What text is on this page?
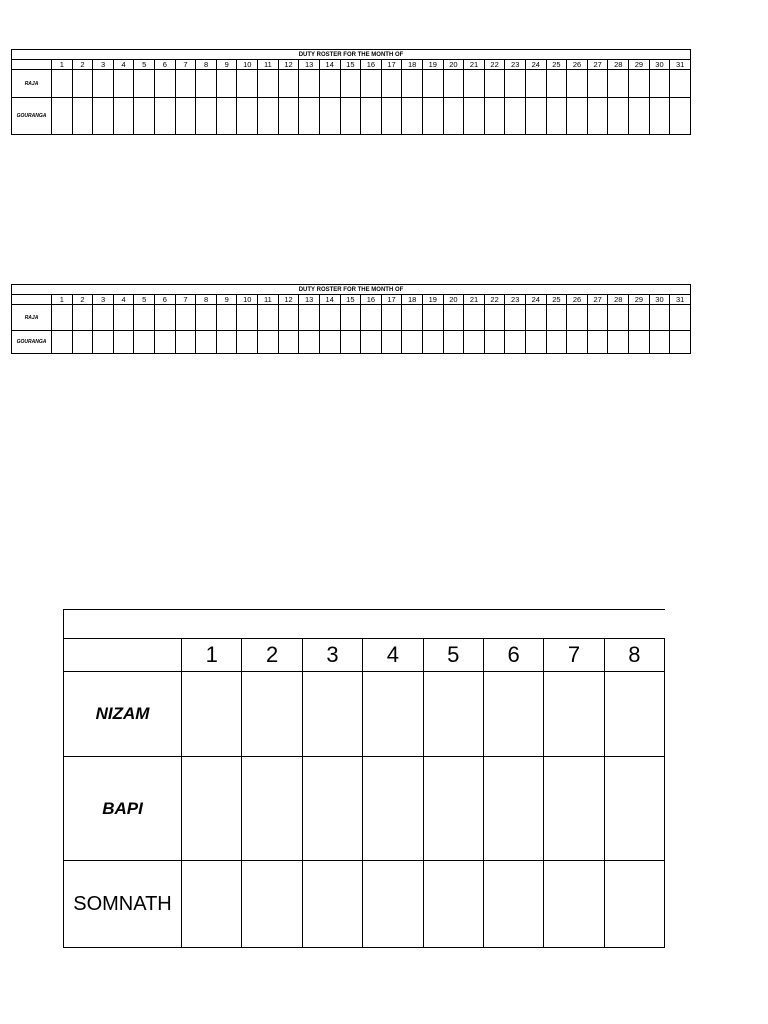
DUTY ROSTER FOR THE MONTH OF																															
	1	2	3	4	5	6	7	8	9	10	11	12	13	14	15	16	17	18	19	20	21	22	23	24	25	26	27	28	29	30	31
RAJA																															
GOURANGA																															
DUTY ROSTER FOR THE MONTH OF																															
	1	2	3	4	5	6	7	8	9	10	11	12	13	14	15	16	17	18	19	20	21	22	23	24	25	26	27	28	29	30	31
RAJA																															
GOURANGA																															

	1	2	3	4	5	6	7	8
NIZAM								
BAPI								
SOMNATH								
